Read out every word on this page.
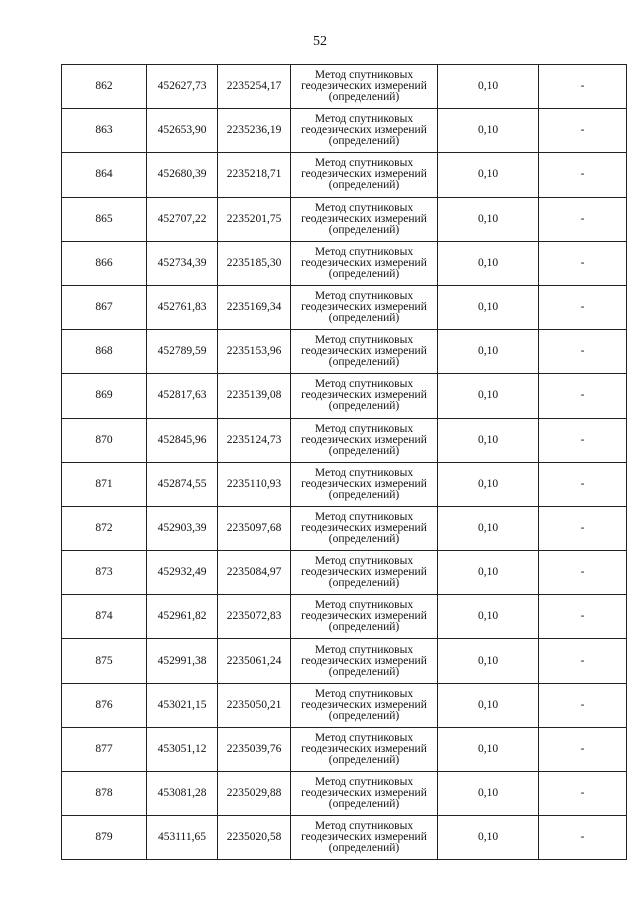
52
862	452627,73	2235254,17	Метод спутниковых
геодезических измерений
(определений)	0,10	-
863	452653,90	2235236,19	Метод спутниковых
геодезических измерений
(определений)	0,10	-
864	452680,39	2235218,71	Метод спутниковых
геодезических измерений
(определений)	0,10	-
865	452707,22	2235201,75	Метод спутниковых
геодезических измерений
(определений)	0,10	-
866	452734,39	2235185,30	Метод спутниковых
геодезических измерений
(определений)	0,10	-
867	452761,83	2235169,34	Метод спутниковых
геодезических измерений
(определений)	0,10	-
868	452789,59	2235153,96	Метод спутниковых
геодезических измерений
(определений)	0,10	-
869	452817,63	2235139,08	Метод спутниковых
геодезических измерений
(определений)	0,10	-
870	452845,96	2235124,73	Метод спутниковых
геодезических измерений
(определений)	0,10	-
871	452874,55	2235110,93	Метод спутниковых
геодезических измерений
(определений)	0,10	-
872	452903,39	2235097,68	Метод спутниковых
геодезических измерений
(определений)	0,10	-
873	452932,49	2235084,97	Метод спутниковых
геодезических измерений
(определений)	0,10	-
874	452961,82	2235072,83	Метод спутниковых
геодезических измерений
(определений)	0,10	-
875	452991,38	2235061,24	Метод спутниковых
геодезических измерений
(определений)	0,10	-
876	453021,15	2235050,21	Метод спутниковых
геодезических измерений
(определений)	0,10	-
877	453051,12	2235039,76	Метод спутниковых
геодезических измерений
(определений)	0,10	-
878	453081,28	2235029,88	Метод спутниковых
геодезических измерений
(определений)	0,10	-
879	453111,65	2235020,58	Метод спутниковых
геодезических измерений
(определений)	0,10	-
